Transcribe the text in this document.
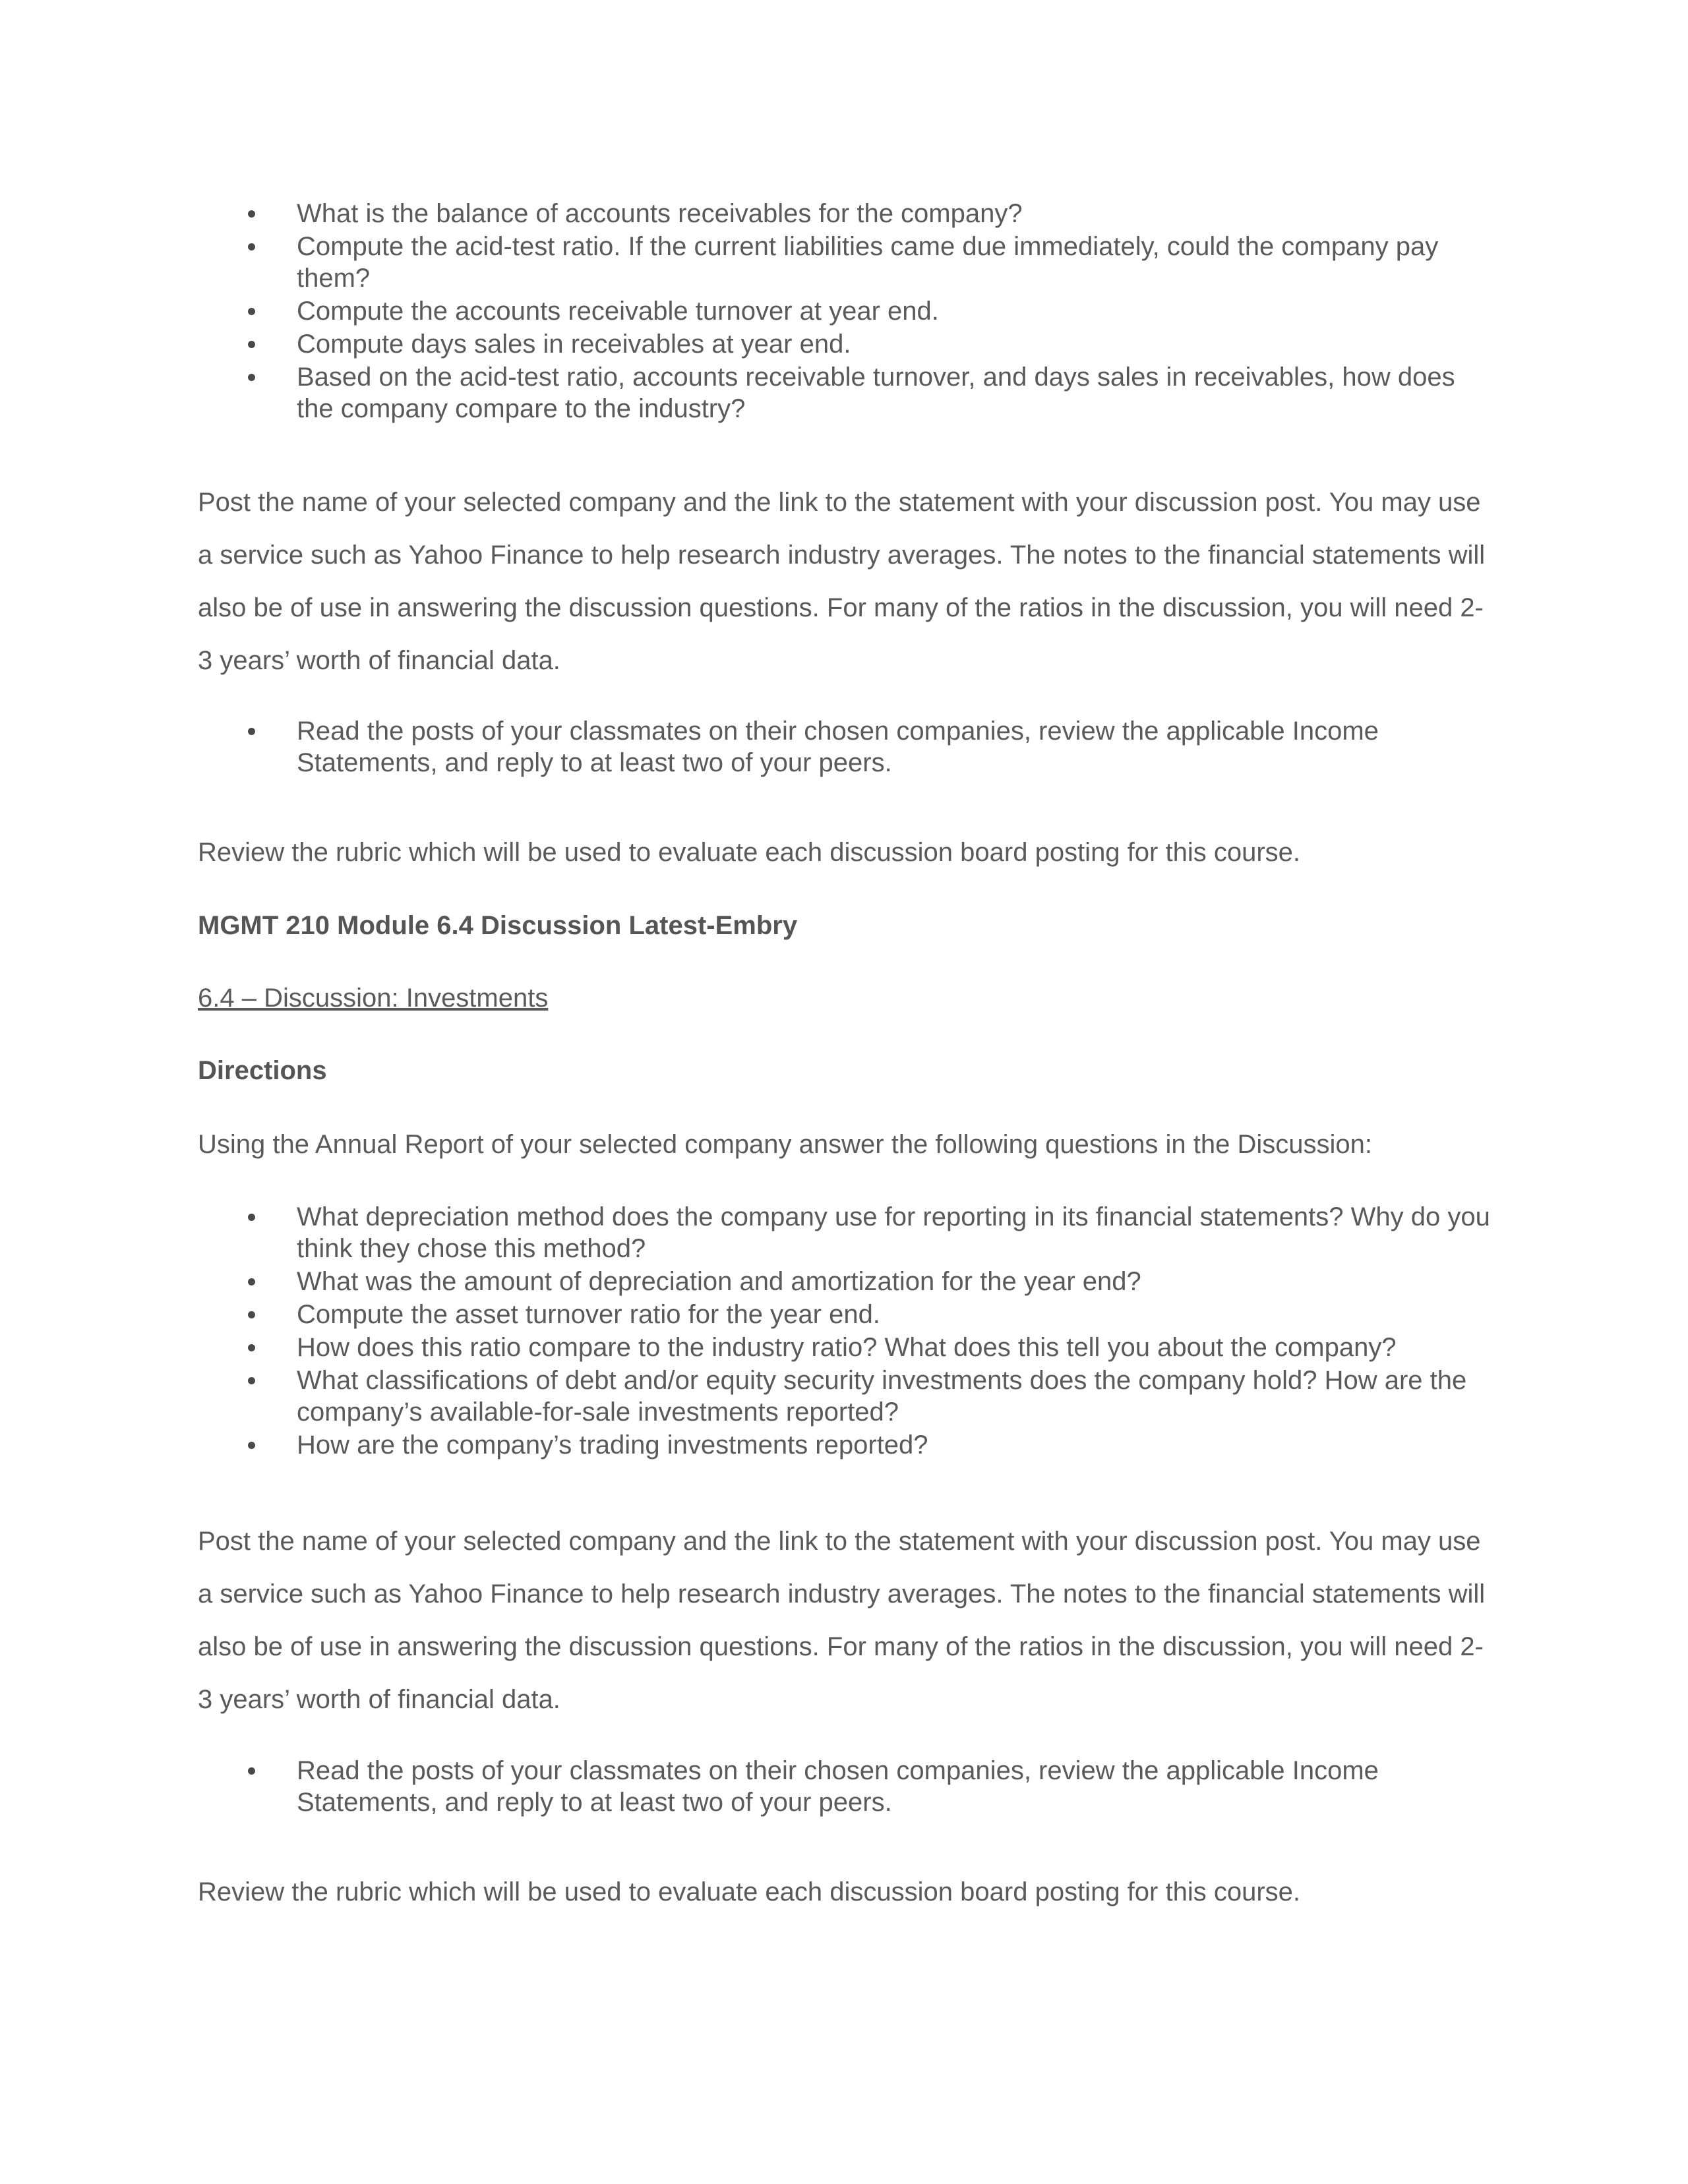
What is the balance of accounts receivables for the company?
Compute the acid-test ratio. If the current liabilities came due immediately, could the company pay them?
Compute the accounts receivable turnover at year end.
Compute days sales in receivables at year end.
Based on the acid-test ratio, accounts receivable turnover, and days sales in receivables, how does the company compare to the industry?

Post the name of your selected company and the link to the statement with your discussion post. You may use a service such as Yahoo Finance to help research industry averages. The notes to the financial statements will also be of use in answering the discussion questions. For many of the ratios in the discussion, you will need 2-3 years’ worth of financial data.

Read the posts of your classmates on their chosen companies, review the applicable Income Statements, and reply to at least two of your peers.

Review the rubric which will be used to evaluate each discussion board posting for this course.

MGMT 210 Module 6.4 Discussion Latest-Embry

6.4 – Discussion: Investments

Directions

Using the Annual Report of your selected company answer the following questions in the Discussion:

What depreciation method does the company use for reporting in its financial statements? Why do you think they chose this method?
What was the amount of depreciation and amortization for the year end?
Compute the asset turnover ratio for the year end.
How does this ratio compare to the industry ratio? What does this tell you about the company?
What classifications of debt and/or equity security investments does the company hold? How are the company’s available-for-sale investments reported?
How are the company’s trading investments reported?

Post the name of your selected company and the link to the statement with your discussion post. You may use a service such as Yahoo Finance to help research industry averages. The notes to the financial statements will also be of use in answering the discussion questions. For many of the ratios in the discussion, you will need 2-3 years’ worth of financial data.

Read the posts of your classmates on their chosen companies, review the applicable Income Statements, and reply to at least two of your peers.

Review the rubric which will be used to evaluate each discussion board posting for this course.
